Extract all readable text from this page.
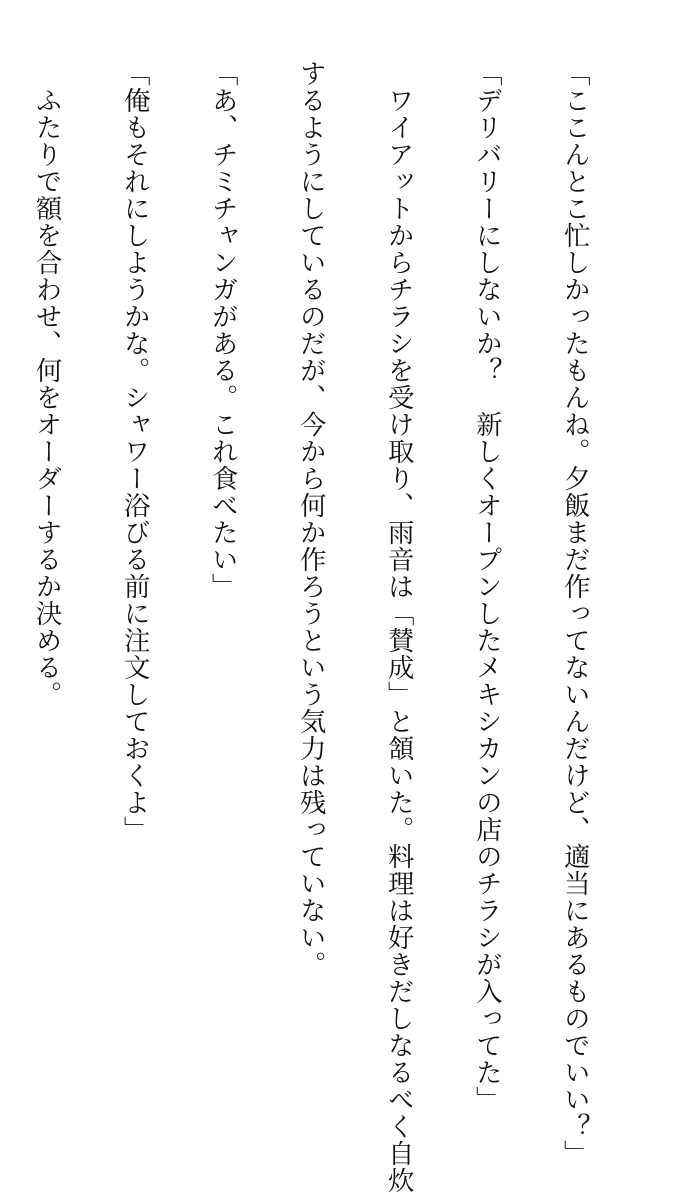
「ここんとこ忙しかったもんね。夕飯まだ作ってないんだけど、適当にあるものでいい？」

「デリバリーにしないか？　新しくオープンしたメキシカンの店のチラシが入ってた」

　ワイアットからチラシを受け取り、雨音は「賛成」と頷いた。料理は好きだしなるべく自炊

するようにしているのだが、今から何か作ろうという気力は残っていない。

「あ、チミチャンガがある。これ食べたい」

「俺もそれにしようかな。シャワー浴びる前に注文しておくよ」

　ふたりで額を合わせ、何をオーダーするか決める。
